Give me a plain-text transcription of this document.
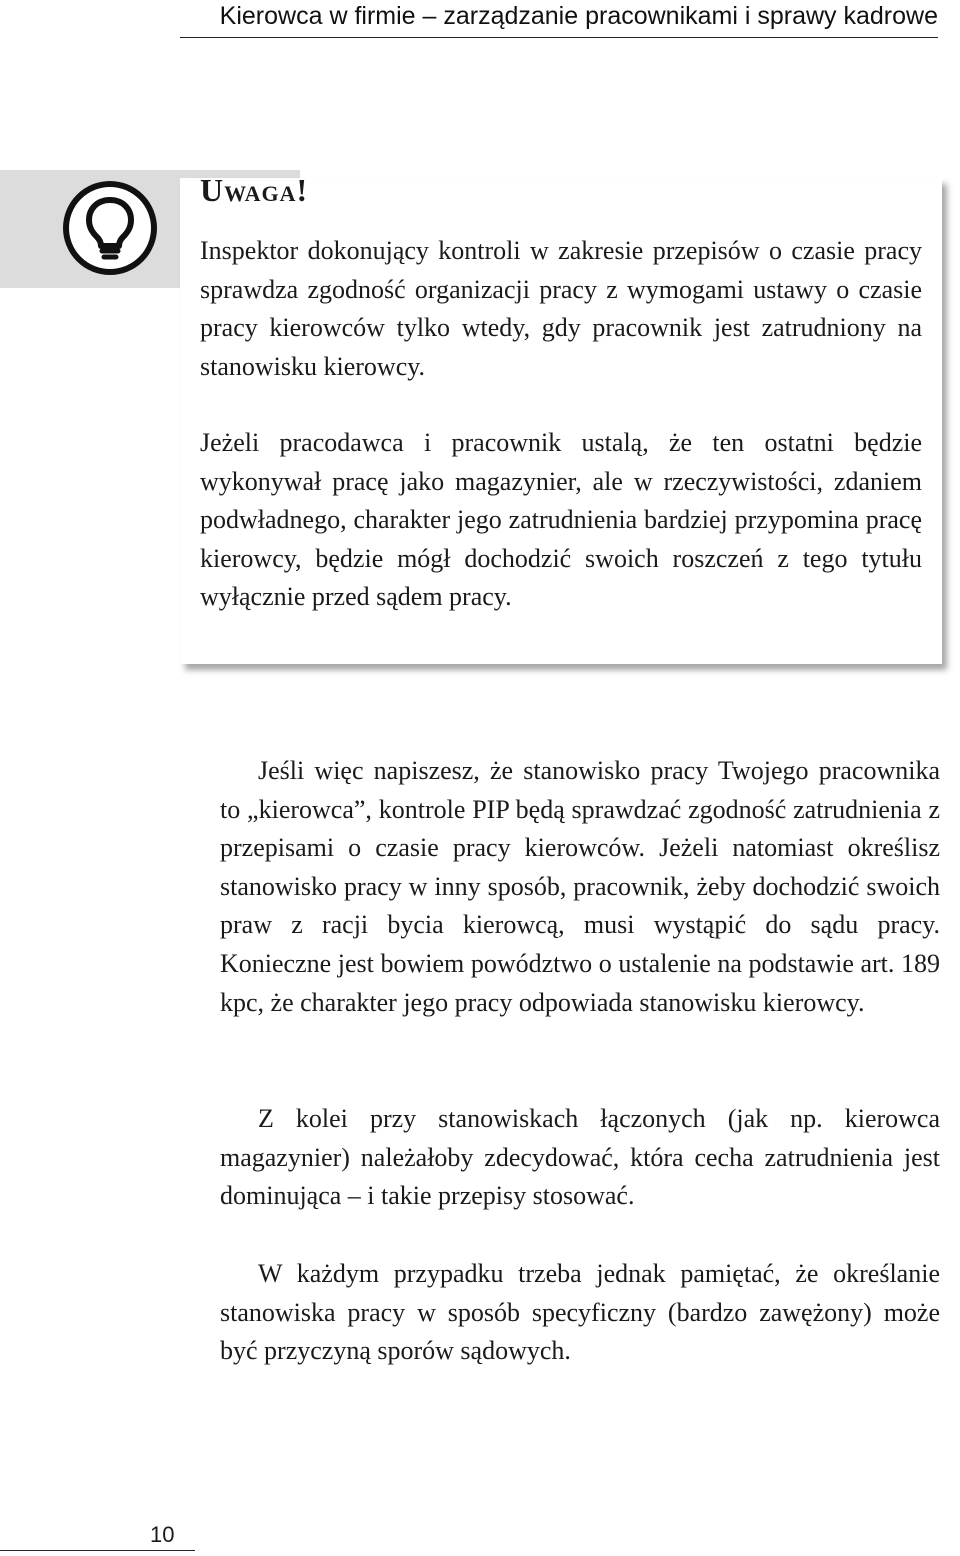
Kierowca w firmie – zarządzanie pracownikami i sprawy kadrowe
Uwaga!

Inspektor dokonujący kontroli w zakresie przepisów o czasie pracy sprawdza zgodność organizacji pracy z wymogami ustawy o czasie pracy kierowców tylko wtedy, gdy pracownik jest zatrudniony na stanowisku kierowcy.

Jeżeli pracodawca i pracownik ustalą, że ten ostatni będzie wykonywał pracę jako magazynier, ale w rzeczywistości, zdaniem podwładnego, charakter jego zatrudnienia bardziej przypomina pracę kierowcy, będzie mógł dochodzić swoich roszczeń z tego tytułu wyłącznie przed sądem pracy.

Jeśli więc napiszesz, że stanowisko pracy Twojego pracownika to „kierowca”, kontrole PIP będą sprawdzać zgodność zatrudnienia z przepisami o czasie pracy kierowców. Jeżeli natomiast określisz stanowisko pracy w inny sposób, pracownik, żeby dochodzić swoich praw z racji bycia kierowcą, musi wystąpić do sądu pracy. Konieczne jest bowiem powództwo o ustalenie na podstawie art. 189 kpc, że charakter jego pracy odpowiada stanowisku kierowcy.

Z kolei przy stanowiskach łączonych (jak np. kierowca magazynier) należałoby zdecydować, która cecha zatrudnienia jest dominująca – i takie przepisy stosować.

W każdym przypadku trzeba jednak pamiętać, że określanie stanowiska pracy w sposób specyficzny (bardzo zawężony) może być przyczyną sporów sądowych.

10
